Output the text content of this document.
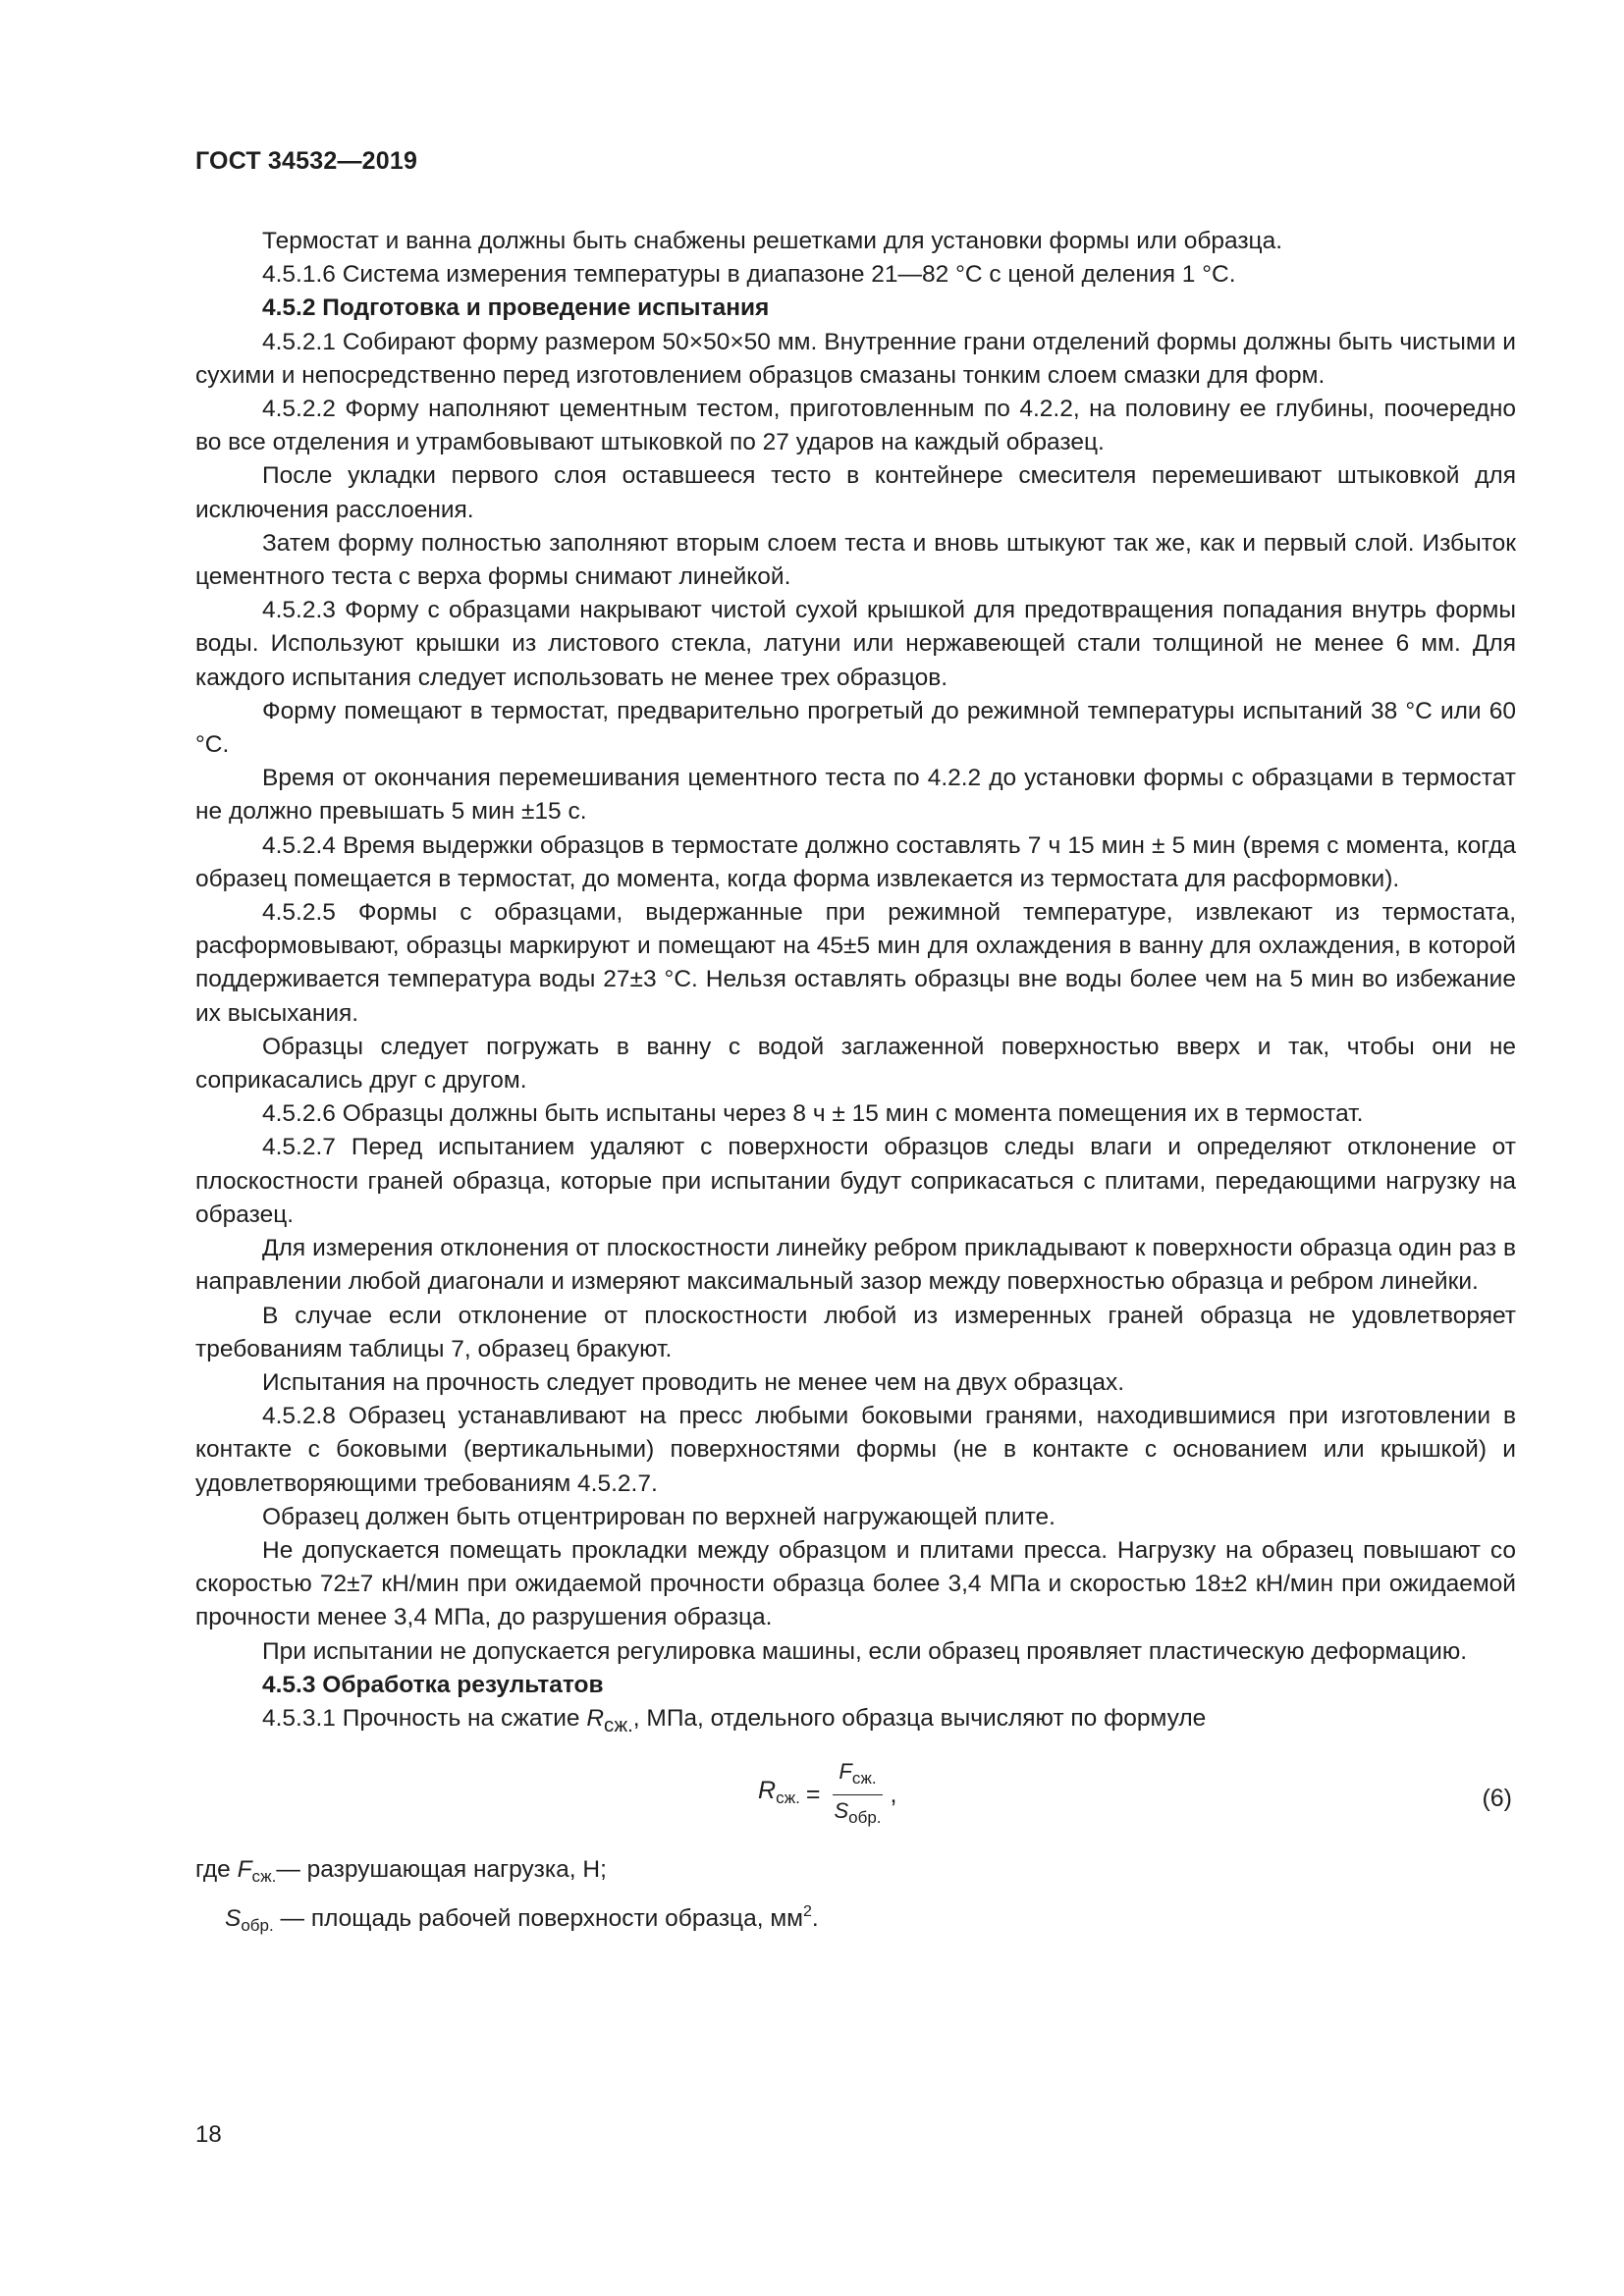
ГОСТ 34532—2019

Термостат и ванна должны быть снабжены решетками для установки формы или образца.

4.5.1.6 Система измерения температуры в диапазоне 21—82 °С с ценой деления 1 °С.

4.5.2 Подготовка и проведение испытания

4.5.2.1 Собирают форму размером 50×50×50 мм. Внутренние грани отделений формы должны быть чистыми и сухими и непосредственно перед изготовлением образцов смазаны тонким слоем смазки для форм.

4.5.2.2 Форму наполняют цементным тестом, приготовленным по 4.2.2, на половину ее глубины, поочередно во все отделения и утрамбовывают штыковкой по 27 ударов на каждый образец.

После укладки первого слоя оставшееся тесто в контейнере смесителя перемешивают штыковкой для исключения расслоения.

Затем форму полностью заполняют вторым слоем теста и вновь штыкуют так же, как и первый слой. Избыток цементного теста с верха формы снимают линейкой.

4.5.2.3 Форму с образцами накрывают чистой сухой крышкой для предотвращения попадания внутрь формы воды. Используют крышки из листового стекла, латуни или нержавеющей стали толщиной не менее 6 мм. Для каждого испытания следует использовать не менее трех образцов.

Форму помещают в термостат, предварительно прогретый до режимной температуры испытаний 38 °С или 60 °С.

Время от окончания перемешивания цементного теста по 4.2.2 до установки формы с образцами в термостат не должно превышать 5 мин ±15 с.

4.5.2.4 Время выдержки образцов в термостате должно составлять 7 ч 15 мин ± 5 мин (время с момента, когда образец помещается в термостат, до момента, когда форма извлекается из термостата для расформовки).

4.5.2.5 Формы с образцами, выдержанные при режимной температуре, извлекают из термостата, расформовывают, образцы маркируют и помещают на 45±5 мин для охлаждения в ванну для охлаждения, в которой поддерживается температура воды 27±3 °С. Нельзя оставлять образцы вне воды более чем на 5 мин во избежание их высыхания.

Образцы следует погружать в ванну с водой заглаженной поверхностью вверх и так, чтобы они не соприкасались друг с другом.

4.5.2.6 Образцы должны быть испытаны через 8 ч ± 15 мин с момента помещения их в термостат.

4.5.2.7 Перед испытанием удаляют с поверхности образцов следы влаги и определяют отклонение от плоскостности граней образца, которые при испытании будут соприкасаться с плитами, передающими нагрузку на образец.

Для измерения отклонения от плоскостности линейку ребром прикладывают к поверхности образца один раз в направлении любой диагонали и измеряют максимальный зазор между поверхностью образца и ребром линейки.

В случае если отклонение от плоскостности любой из измеренных граней образца не удовлетворяет требованиям таблицы 7, образец бракуют.

Испытания на прочность следует проводить не менее чем на двух образцах.

4.5.2.8 Образец устанавливают на пресс любыми боковыми гранями, находившимися при изготовлении в контакте с боковыми (вертикальными) поверхностями формы (не в контакте с основанием или крышкой) и удовлетворяющими требованиям 4.5.2.7.

Образец должен быть отцентрирован по верхней нагружающей плите.

Не допускается помещать прокладки между образцом и плитами пресса. Нагрузку на образец повышают со скоростью 72±7 кН/мин при ожидаемой прочности образца более 3,4 МПа и скоростью 18±2 кН/мин при ожидаемой прочности менее 3,4 МПа, до разрушения образца.

При испытании не допускается регулировка машины, если образец проявляет пластическую деформацию.

4.5.3 Обработка результатов

4.5.3.1 Прочность на сжатие $R_{сж.}$, МПа, отдельного образца вычисляют по формуле

$R_{сж.} = \frac{F_{сж.}}{S_{обр.}}$ ,	(6)
где $F_{сж.}—$ разрушающая нагрузка, Н;
$S_{обр.}$ — площадь рабочей поверхности образца, $мм^2$.
18
